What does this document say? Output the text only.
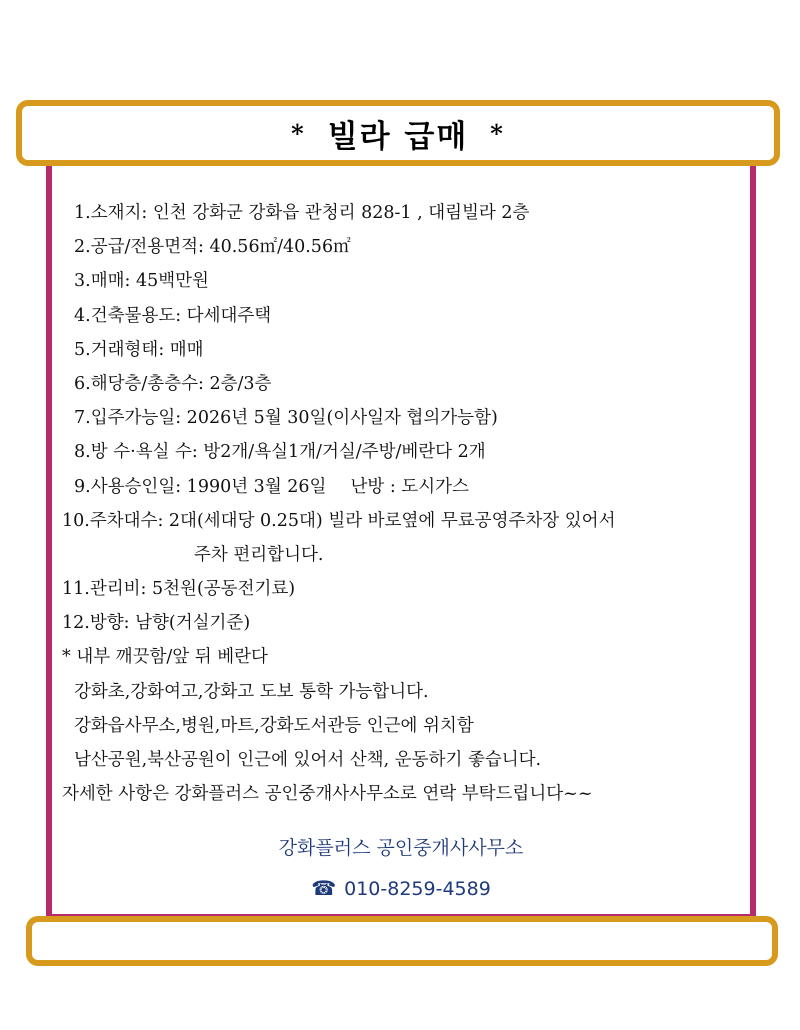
* 빌라 급매 *
1.소재지: 인천 강화군 강화읍 관청리 828-1 , 대림빌라 2층
2.공급/전용면적: 40.56㎡/40.56㎡
3.매매: 45백만원
4.건축물용도: 다세대주택
5.거래형태: 매매
6.해당층/총층수: 2층/3층
7.입주가능일: 2026년 5월 30일(이사일자 협의가능함)
8.방 수·욕실 수: 방2개/욕실1개/거실/주방/베란다 2개
9.사용승인일: 1990년 3월 26일 난방 : 도시가스
10.주차대수: 2대(세대당 0.25대) 빌라 바로옆에 무료공영주차장 있어서
주차 편리합니다.
11.관리비: 5천원(공동전기료)
12.방향: 남향(거실기준)
* 내부 깨끗함/앞 뒤 베란다
강화초,강화여고,강화고 도보 통학 가능합니다.
강화읍사무소,병원,마트,강화도서관등 인근에 위치함
남산공원,북산공원이 인근에 있어서 산책, 운동하기 좋습니다.
자세한 사항은 강화플러스 공인중개사사무소로 연락 부탁드립니다~~
강화플러스 공인중개사사무소
☎ 010-8259-4589
